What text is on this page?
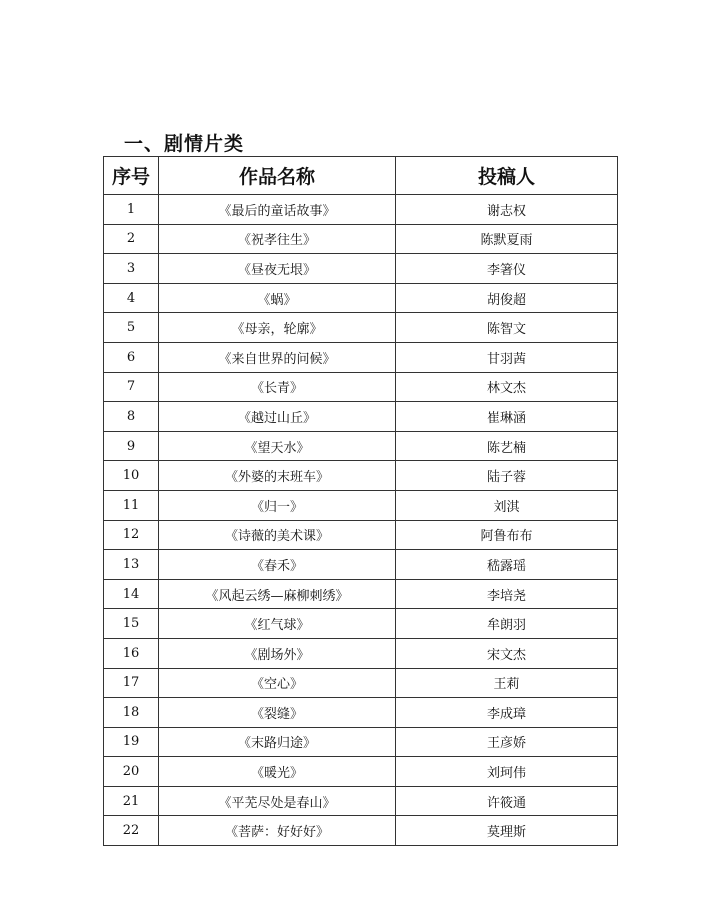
一、剧情片类
序号	作品名称	投稿人
1	《最后的童话故事》	谢志权
2	《祝孝往生》	陈默夏雨
3	《昼夜无垠》	李箸仪
4	《蜗》	胡俊超
5	《母亲，轮廓》	陈智文
6	《来自世界的问候》	甘羽茜
7	《长青》	林文杰
8	《越过山丘》	崔琳涵
9	《望天水》	陈艺楠
10	《外婆的末班车》	陆子蓉
11	《归一》	刘淇
12	《诗薇的美术课》	阿鲁布布
13	《春禾》	嵇露瑶
14	《风起云绣—麻柳刺绣》	李培尧
15	《红气球》	牟朗羽
16	《剧场外》	宋文杰
17	《空心》	王莉
18	《裂缝》	李成璋
19	《末路归途》	王彦娇
20	《暖光》	刘珂伟
21	《平芜尽处是春山》	许筱通
22	《菩萨：好好好》	莫理斯
